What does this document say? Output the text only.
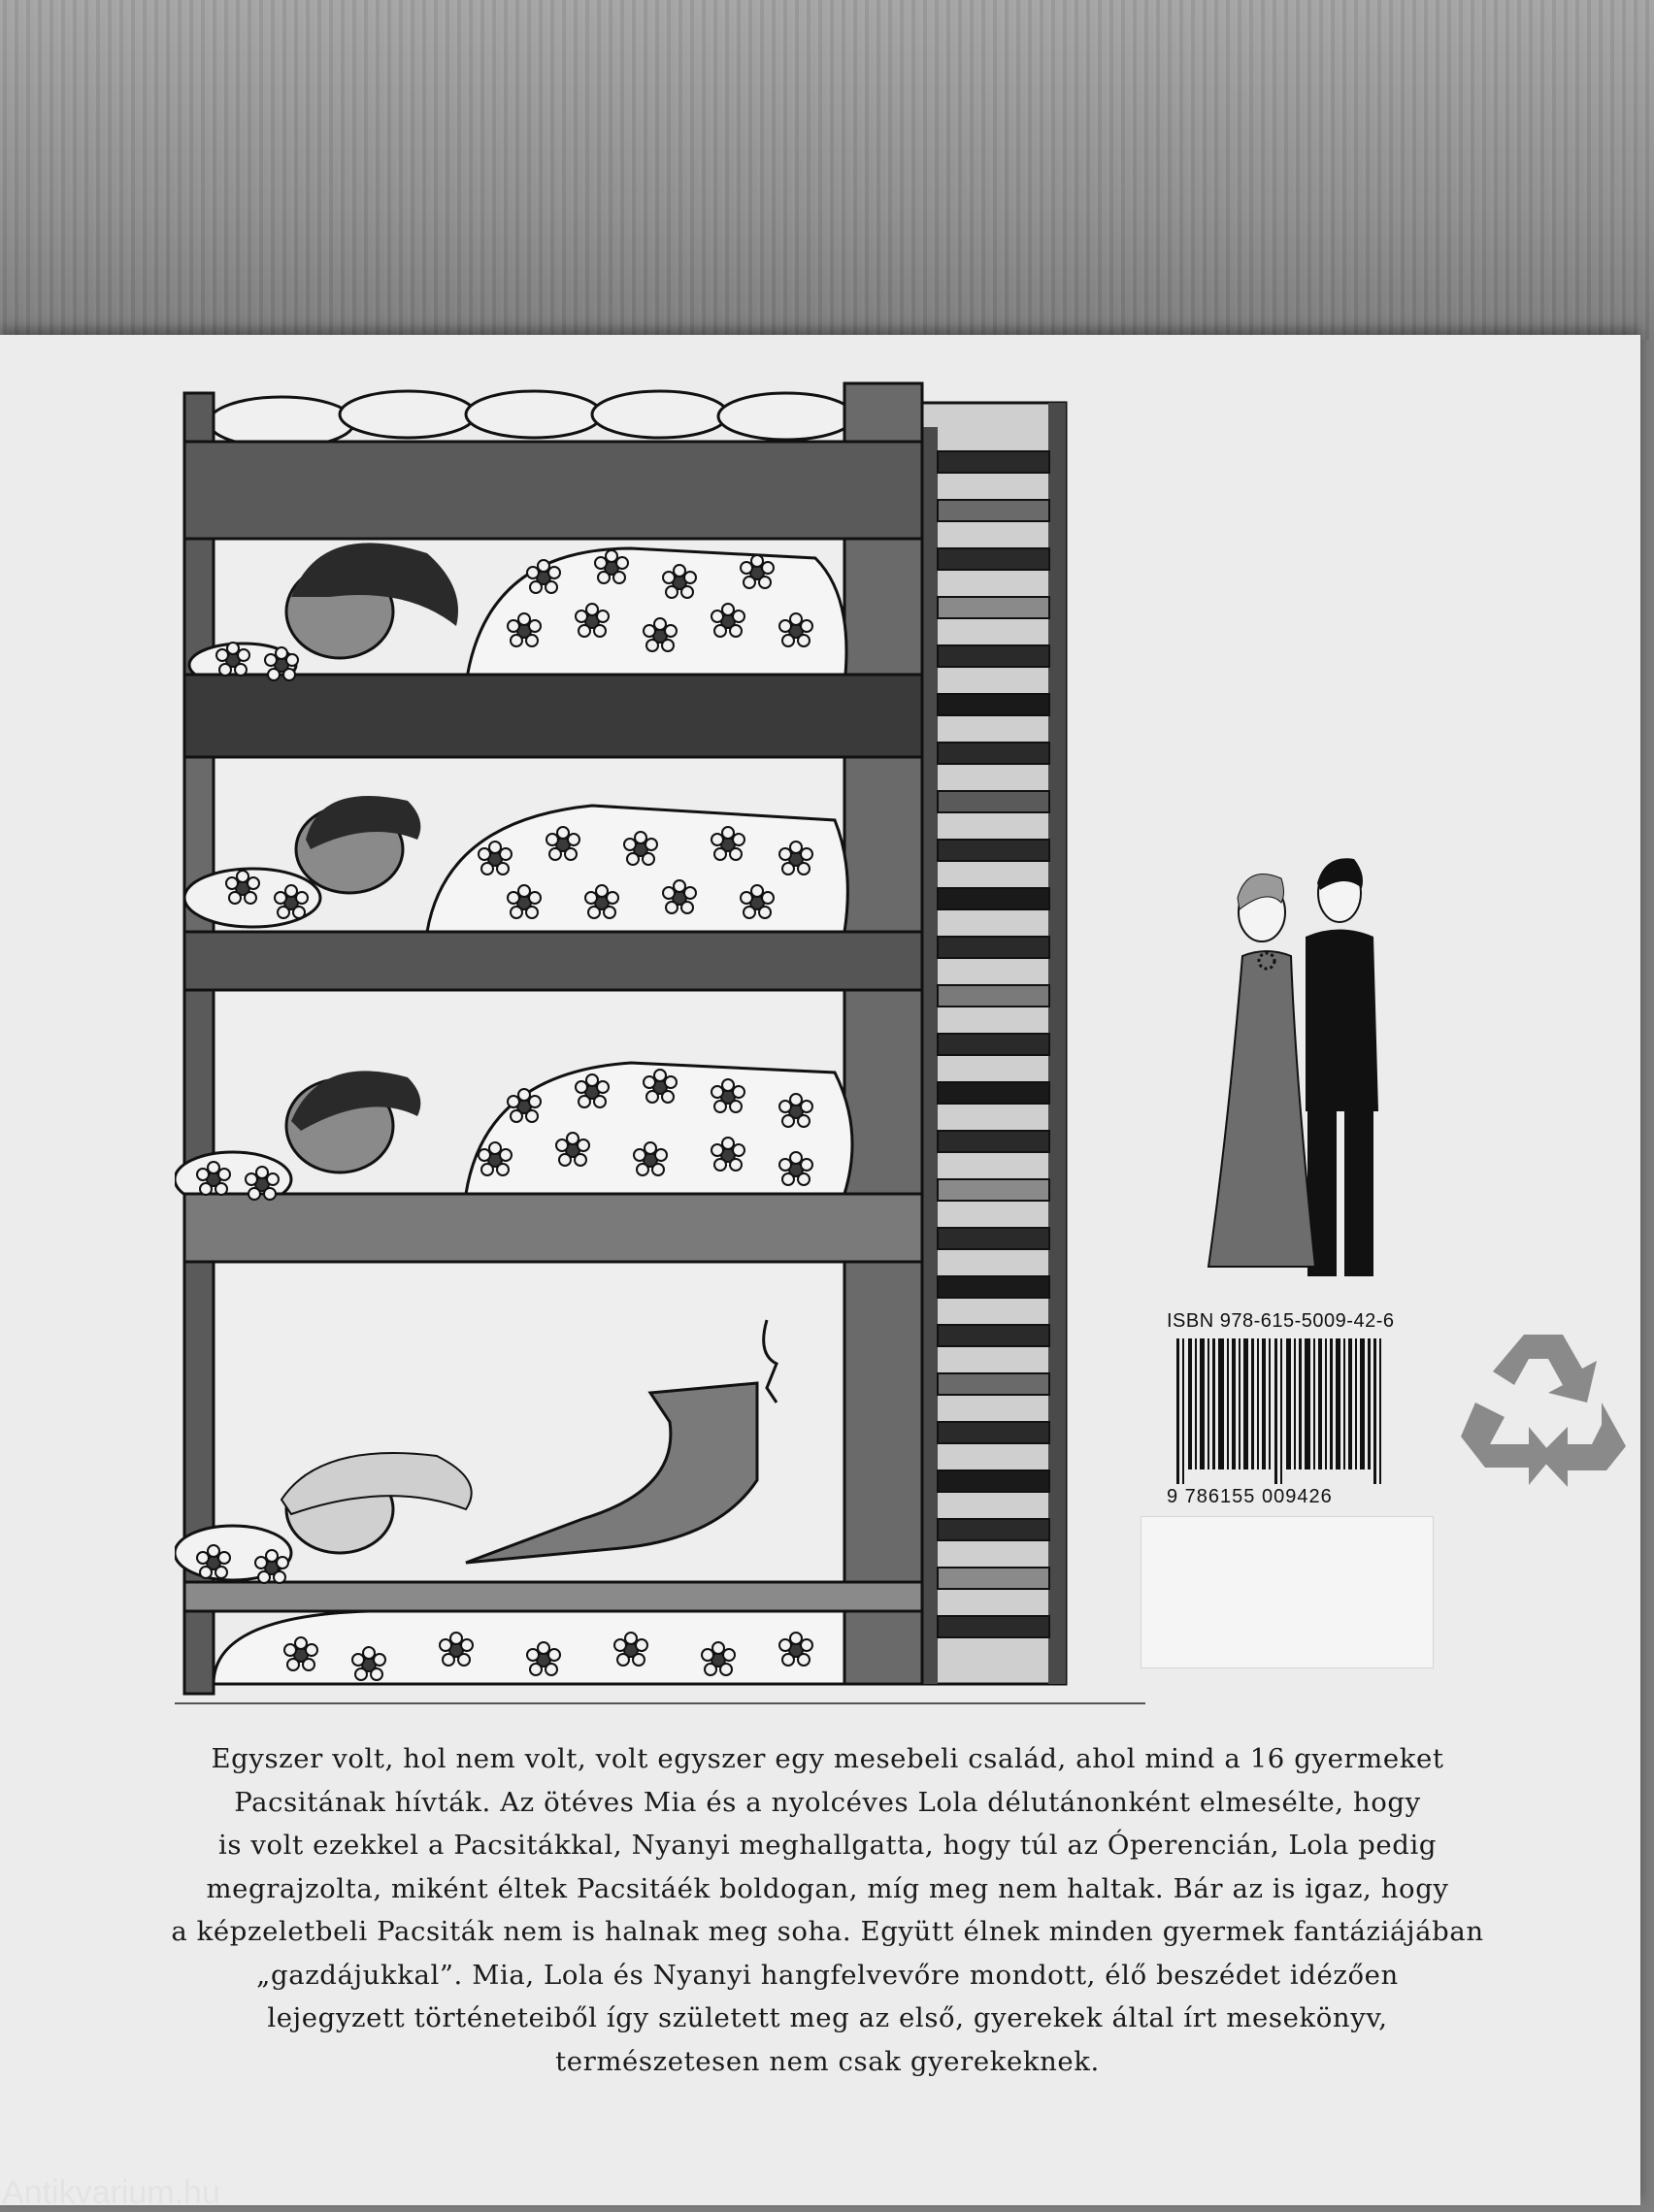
ISBN 978-615-5009-42-6
9 786155 009426
Egyszer volt, hol nem volt, volt egyszer egy mesebeli család, ahol mind a 16 gyermeket
Pacsitának hívták. Az ötéves Mia és a nyolcéves Lola délutánonként elmesélte, hogy
is volt ezekkel a Pacsitákkal, Nyanyi meghallgatta, hogy túl az Óperencián, Lola pedig
megrajzolta, miként éltek Pacsitáék boldogan, míg meg nem haltak. Bár az is igaz, hogy
a képzeletbeli Pacsiták nem is halnak meg soha. Együtt élnek minden gyermek fantáziájában
„gazdájukkal”. Mia, Lola és Nyanyi hangfelvevőre mondott, élő beszédet idézően
lejegyzett történeteiből így született meg az első, gyerekek által írt mesekönyv,
természetesen nem csak gyerekeknek.
Antikvarium.hu
